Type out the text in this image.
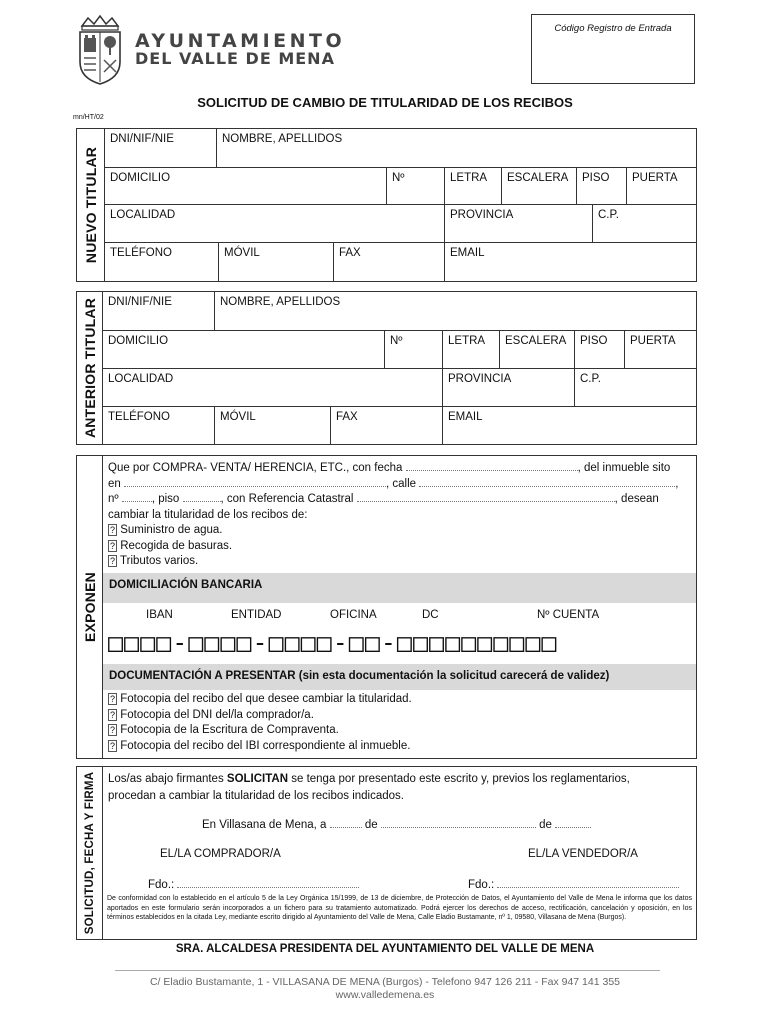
AYUNTAMIENTO
DEL VALLE DE MENA
Código Registro de Entrada
SOLICITUD DE CAMBIO DE TITULARIDAD DE LOS RECIBOS
mn/HT/02
NUEVO TITULAR
DNI/NIF/NIE	NOMBRE, APELLIDOS
DOMICILIO	Nº	LETRA	ESCALERA	PISO	PUERTA
LOCALIDAD	PROVINCIA	C.P.
TELÉFONO	MÓVIL	FAX	EMAIL
ANTERIOR TITULAR DNI/NIF/NIE	NOMBRE, APELLIDOS
DOMICILIO	Nº	LETRA	ESCALERA	PISO	PUERTA
LOCALIDAD	PROVINCIA	C.P.
TELÉFONO	MÓVIL	FAX	EMAIL
EXPONEN
Que por COMPRA- VENTA/ HERENCIA, ETC., con fecha	, del inmueble sito
en	, calle	,
nº	, piso	, con Referencia Catastral	, desean
cambiar la titularidad de los recibos de:
? Suministro de agua.
? Recogida de basuras.
? Tributos varios.
DOMICILIACIÓN BANCARIA
IBAN	ENTIDAD	OFICINA	DC	Nº CUENTA
□□□□-□□□□-□□□□-□□-□□□□□□□□□□
DOCUMENTACIÓN A PRESENTAR (sin esta documentación la solicitud carecerá de validez)
? Fotocopia del recibo del que desee cambiar la titularidad.
? Fotocopia del DNI del/la comprador/a.
? Fotocopia de la Escritura de Compraventa.
? Fotocopia del recibo del IBI correspondiente al inmueble.
SOLICITUD, FECHA Y FIRMA Los/as abajo firmantes SOLICITAN se tenga por presentado este escrito y, previos los reglamentarios,
procedan a cambiar la titularidad de los recibos indicados.
En Villasana de Mena, a	de	de
EL/LA COMPRADOR/A	EL/LA VENDEDOR/A
Fdo.:	Fdo.:
De conformidad con lo establecido en el artículo 5 de la Ley Orgánica 15/1999, de 13 de diciembre, de Protección de Datos, el Ayuntamiento del Valle de Mena le informa que los datos aportados en este formulario serán incorporados a un fichero para su tratamiento automatizado. Podrá ejercer los derechos de acceso, rectificación, cancelación y oposición, en los términos establecidos en la citada Ley, mediante escrito dirigido al Ayuntamiento del Valle de Mena, Calle Eladio Bustamante, nº 1, 09580, Villasana de Mena (Burgos).
SRA. ALCALDESA PRESIDENTA DEL AYUNTAMIENTO DEL VALLE DE MENA
C/ Eladio Bustamante, 1 - VILLASANA DE MENA (Burgos) - Telefono 947 126 211 - Fax 947 141 355
www.valledemena.es
